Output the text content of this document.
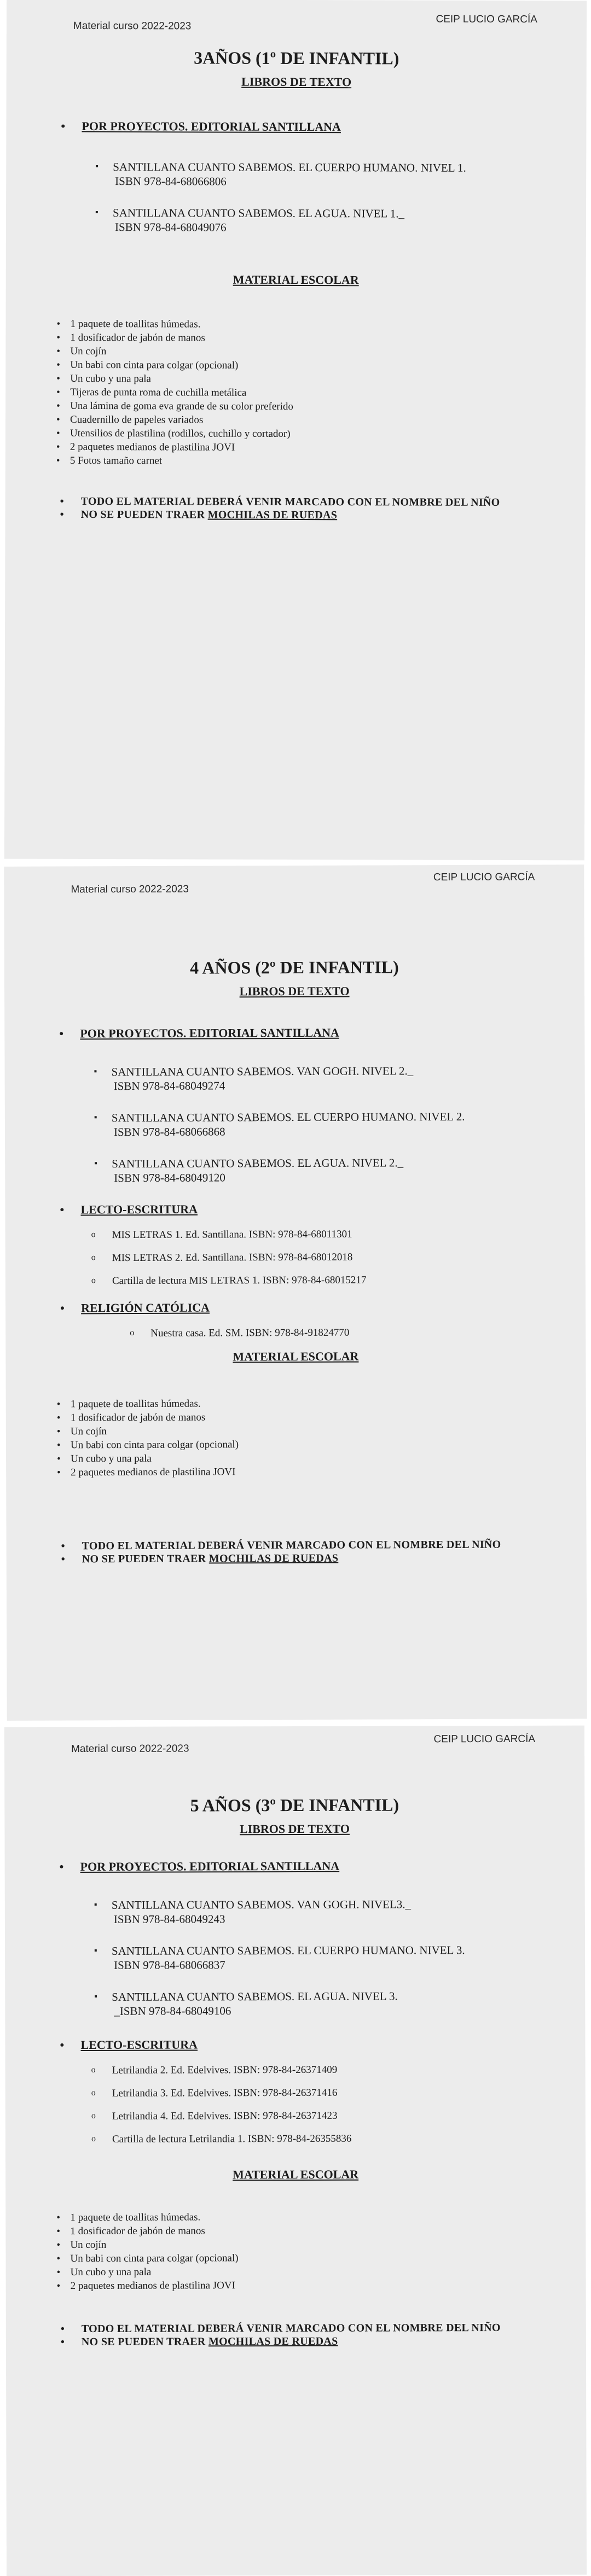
Material curso 2022-2023
CEIP LUCIO GARCÍA
3AÑOS (1º DE INFANTIL)
LIBROS DE TEXTO
• POR PROYECTOS. EDITORIAL SANTILLANA
▪ SANTILLANA CUANTO SABEMOS. EL CUERPO HUMANO. NIVEL 1.
ISBN 978-84-68066806
▪ SANTILLANA CUANTO SABEMOS. EL AGUA. NIVEL 1._
ISBN 978-84-68049076
MATERIAL ESCOLAR
• 1 paquete de toallitas húmedas.
• 1 dosificador de jabón de manos
• Un cojín
• Un babi con cinta para colgar (opcional)
• Un cubo y una pala
• Tijeras de punta roma de cuchilla metálica
• Una lámina de goma eva grande de su color preferido
• Cuadernillo de papeles variados
• Utensilios de plastilina (rodillos, cuchillo y cortador)
• 2 paquetes medianos de plastilina JOVI
• 5 Fotos tamaño carnet
• TODO EL MATERIAL DEBERÁ VENIR MARCADO CON EL NOMBRE DEL NIÑO
• NO SE PUEDEN TRAER MOCHILAS DE RUEDAS
Material curso 2022-2023
CEIP LUCIO GARCÍA
4 AÑOS (2º DE INFANTIL)
LIBROS DE TEXTO
• POR PROYECTOS. EDITORIAL SANTILLANA
▪ SANTILLANA CUANTO SABEMOS. VAN GOGH. NIVEL 2._
ISBN 978-84-68049274
▪ SANTILLANA CUANTO SABEMOS. EL CUERPO HUMANO. NIVEL 2.
ISBN 978-84-68066868
▪ SANTILLANA CUANTO SABEMOS. EL AGUA. NIVEL 2._
ISBN 978-84-68049120
• LECTO-ESCRITURA
o MIS LETRAS 1. Ed. Santillana. ISBN: 978-84-68011301
o MIS LETRAS 2. Ed. Santillana. ISBN: 978-84-68012018
o Cartilla de lectura MIS LETRAS 1. ISBN: 978-84-68015217
• RELIGIÓN CATÓLICA
o Nuestra casa. Ed. SM. ISBN: 978-84-91824770
MATERIAL ESCOLAR
• 1 paquete de toallitas húmedas.
• 1 dosificador de jabón de manos
• Un cojín
• Un babi con cinta para colgar (opcional)
• Un cubo y una pala
• 2 paquetes medianos de plastilina JOVI
• TODO EL MATERIAL DEBERÁ VENIR MARCADO CON EL NOMBRE DEL NIÑO
• NO SE PUEDEN TRAER MOCHILAS DE RUEDAS
Material curso 2022-2023
CEIP LUCIO GARCÍA
5 AÑOS (3º DE INFANTIL)
LIBROS DE TEXTO
• POR PROYECTOS. EDITORIAL SANTILLANA
▪ SANTILLANA CUANTO SABEMOS. VAN GOGH. NIVEL3._
ISBN 978-84-68049243
▪ SANTILLANA CUANTO SABEMOS. EL CUERPO HUMANO. NIVEL 3.
ISBN 978-84-68066837
▪ SANTILLANA CUANTO SABEMOS. EL AGUA. NIVEL 3.
_ISBN 978-84-68049106
• LECTO-ESCRITURA
o Letrilandia 2. Ed. Edelvives. ISBN: 978-84-26371409
o Letrilandia 3. Ed. Edelvives. ISBN: 978-84-26371416
o Letrilandia 4. Ed. Edelvives. ISBN: 978-84-26371423
o Cartilla de lectura Letrilandia 1. ISBN: 978-84-26355836
MATERIAL ESCOLAR
• 1 paquete de toallitas húmedas.
• 1 dosificador de jabón de manos
• Un cojín
• Un babi con cinta para colgar (opcional)
• Un cubo y una pala
• 2 paquetes medianos de plastilina JOVI
• TODO EL MATERIAL DEBERÁ VENIR MARCADO CON EL NOMBRE DEL NIÑO
• NO SE PUEDEN TRAER MOCHILAS DE RUEDAS
